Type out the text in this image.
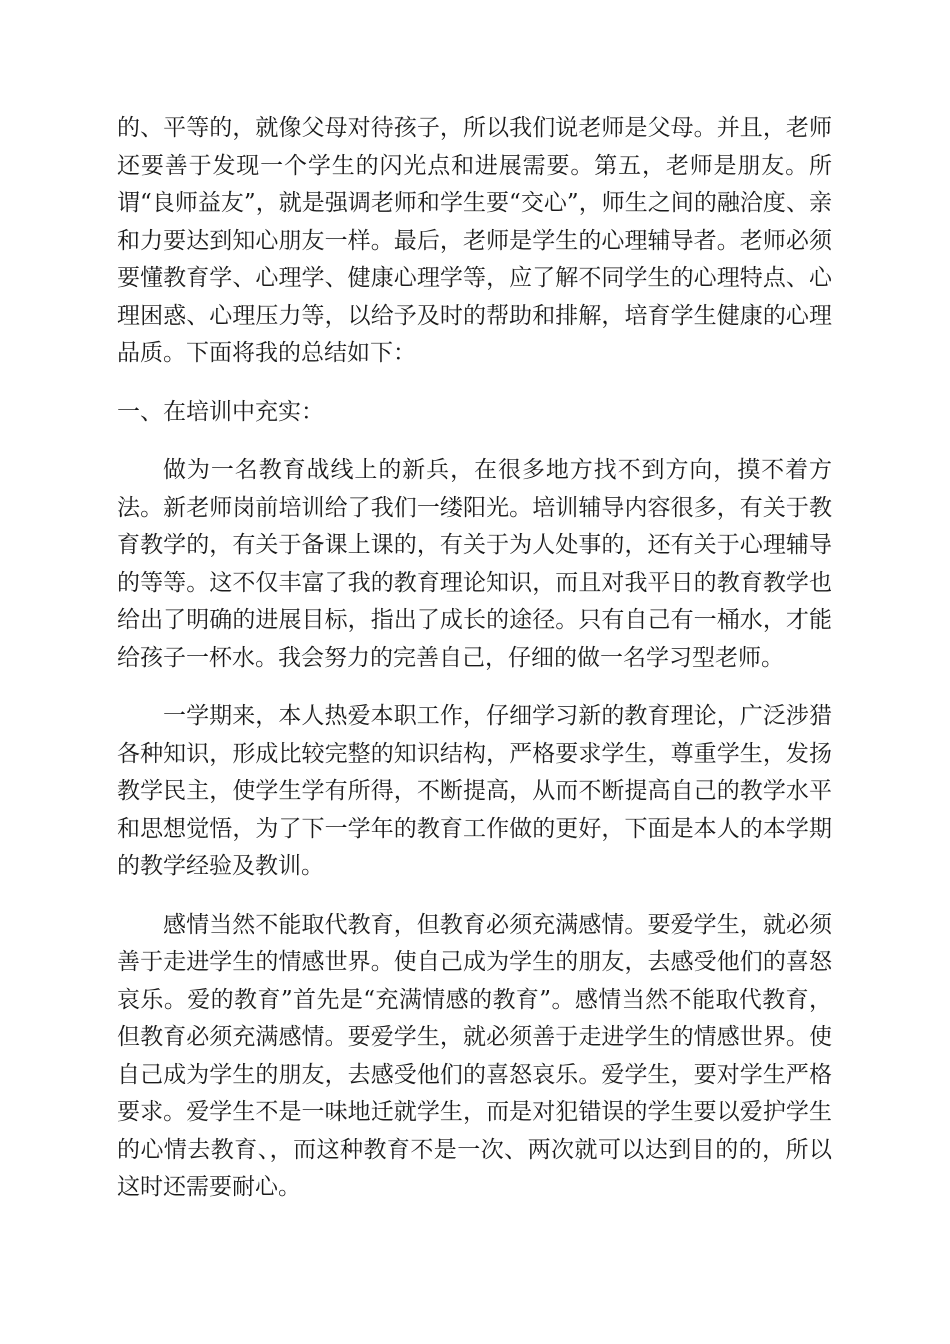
的、平等的，就像父母对待孩子，所以我们说老师是父母。并且，老师还要善于发现一个学生的闪光点和进展需要。第五，老师是朋友。所谓“良师益友”，就是强调老师和学生要“交心”，师生之间的融洽度、亲和力要达到知心朋友一样。最后，老师是学生的心理辅导者。老师必须要懂教育学、心理学、健康心理学等，应了解不同学生的心理特点、心理困惑、心理压力等，以给予及时的帮助和排解，培育学生健康的心理品质。下面将我的总结如下：

一、在培训中充实：

做为一名教育战线上的新兵，在很多地方找不到方向，摸不着方法。新老师岗前培训给了我们一缕阳光。培训辅导内容很多，有关于教育教学的，有关于备课上课的，有关于为人处事的，还有关于心理辅导的等等。这不仅丰富了我的教育理论知识，而且对我平日的教育教学也给出了明确的进展目标，指出了成长的途径。只有自己有一桶水，才能给孩子一杯水。我会努力的完善自己，仔细的做一名学习型老师。

一学期来，本人热爱本职工作，仔细学习新的教育理论，广泛涉猎各种知识，形成比较完整的知识结构，严格要求学生，尊重学生，发扬教学民主，使学生学有所得，不断提高，从而不断提高自己的教学水平和思想觉悟，为了下一学年的教育工作做的更好，下面是本人的本学期的教学经验及教训。

感情当然不能取代教育，但教育必须充满感情。要爱学生，就必须善于走进学生的情感世界。使自己成为学生的朋友，去感受他们的喜怒哀乐。爱的教育”首先是“充满情感的教育”。感情当然不能取代教育，但教育必须充满感情。要爱学生，就必须善于走进学生的情感世界。使自己成为学生的朋友，去感受他们的喜怒哀乐。爱学生，要对学生严格要求。爱学生不是一味地迁就学生，而是对犯错误的学生要以爱护学生的心情去教育、，而这种教育不是一次、两次就可以达到目的的，所以这时还需要耐心。
